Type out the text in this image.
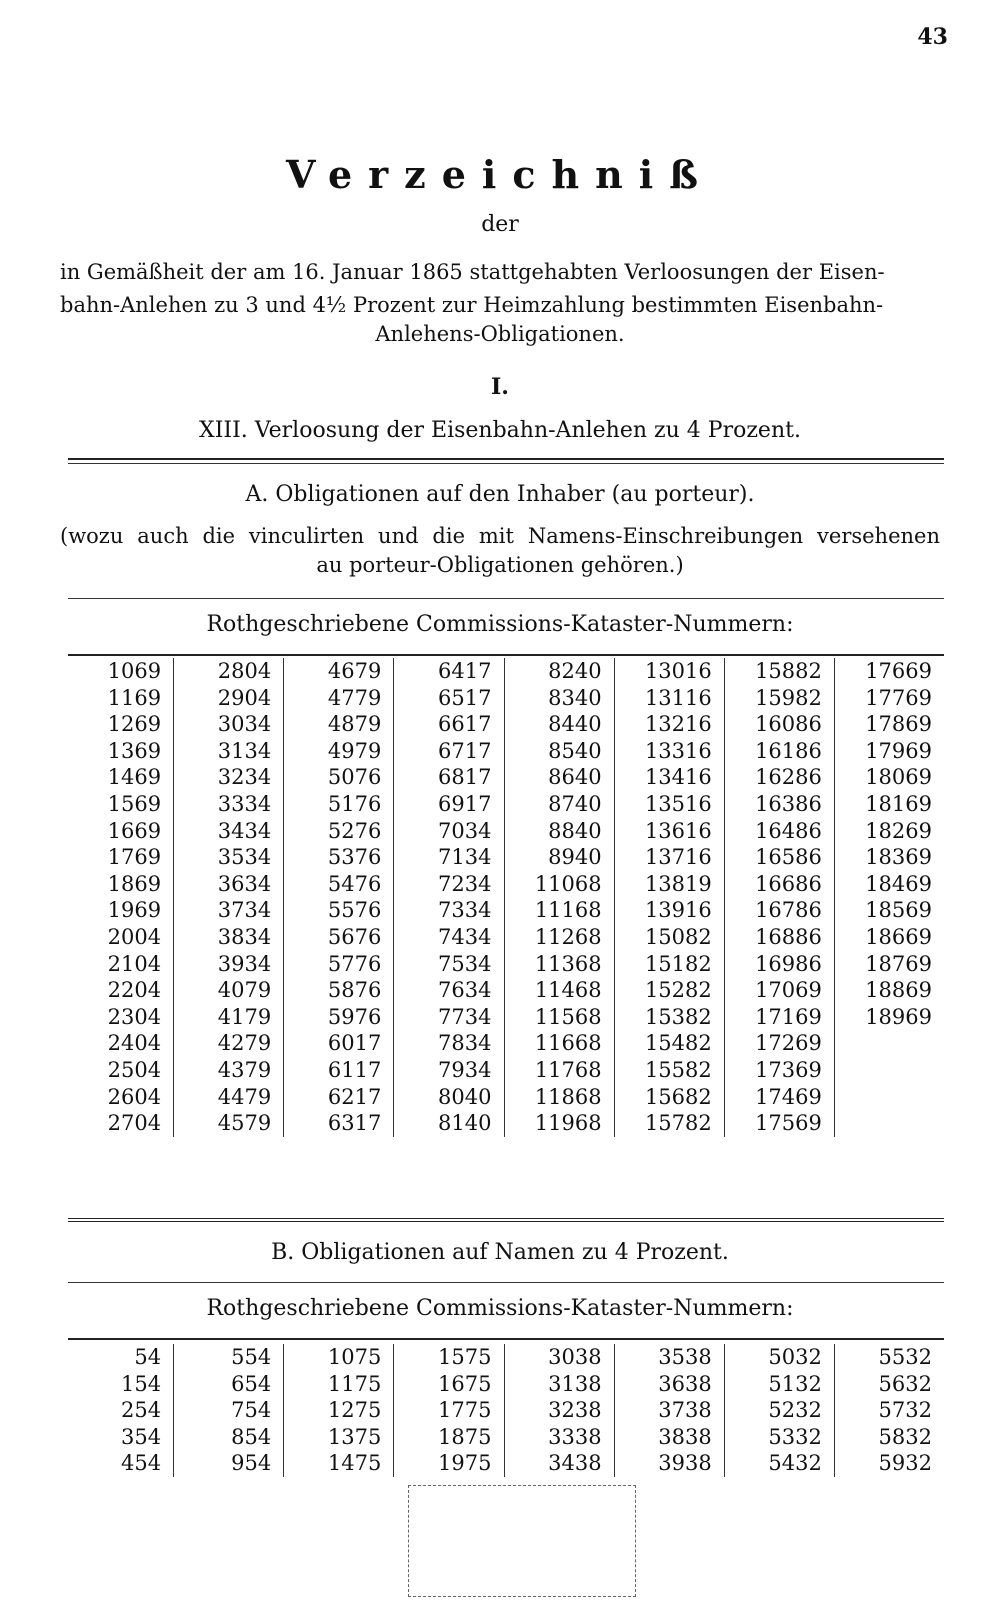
43
Verzeichniß
der
in Gemäßheit der am 16. Januar 1865 stattgehabten Verloosungen der Eisen-
bahn-Anlehen zu 3 und 4½ Prozent zur Heimzahlung bestimmten Eisenbahn-
Anlehens-Obligationen.
I.
XIII. Verloosung der Eisenbahn-Anlehen zu 4 Prozent.
A. Obligationen auf den Inhaber (au porteur).
(wozu auch die vinculirten und die mit Namens-Einschreibungen versehenen
au porteur-Obligationen gehören.)
Rothgeschriebene Commissions-Kataster-Nummern:
1069
1169
1269
1369
1469
1569
1669
1769
1869
1969
2004
2104
2204
2304
2404
2504
2604
2704
2804
2904
3034
3134
3234
3334
3434
3534
3634
3734
3834
3934
4079
4179
4279
4379
4479
4579
4679
4779
4879
4979
5076
5176
5276
5376
5476
5576
5676
5776
5876
5976
6017
6117
6217
6317
6417
6517
6617
6717
6817
6917
7034
7134
7234
7334
7434
7534
7634
7734
7834
7934
8040
8140
8240
8340
8440
8540
8640
8740
8840
8940
11068
11168
11268
11368
11468
11568
11668
11768
11868
11968
13016
13116
13216
13316
13416
13516
13616
13716
13819
13916
15082
15182
15282
15382
15482
15582
15682
15782
15882
15982
16086
16186
16286
16386
16486
16586
16686
16786
16886
16986
17069
17169
17269
17369
17469
17569
17669
17769
17869
17969
18069
18169
18269
18369
18469
18569
18669
18769
18869
18969
B. Obligationen auf Namen zu 4 Prozent.
Rothgeschriebene Commissions-Kataster-Nummern:
54
154
254
354
454
554
654
754
854
954
1075
1175
1275
1375
1475
1575
1675
1775
1875
1975
3038
3138
3238
3338
3438
3538
3638
3738
3838
3938
5032
5132
5232
5332
5432
5532
5632
5732
5832
5932
